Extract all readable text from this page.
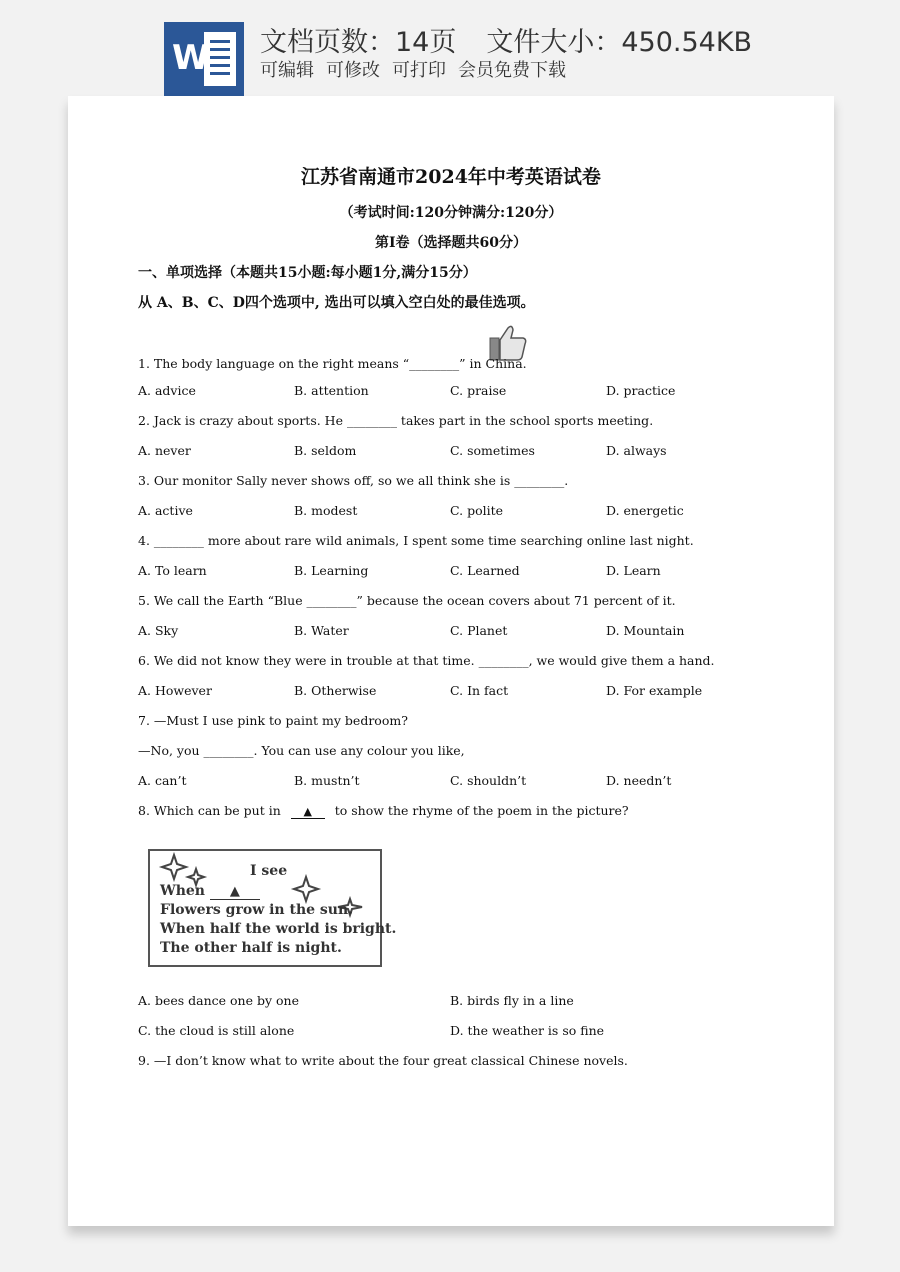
W 文档页数：14页 文件大小：450.54KB
可编辑 可修改 可打印 会员免费下载
江苏省南通市2024年中考英语试卷
（考试时间:120分钟满分:120分）
第Ⅰ卷（选择题共60分）
一、单项选择（本题共15小题:每小题1分,满分15分）
从 A、B、C、D四个选项中, 选出可以填入空白处的最佳选项。
1. The body language on the right means “________” in China.
A. advice	B. attention	C. praise	D. practice
2. Jack is crazy about sports. He ________ takes part in the school sports meeting.
A. never	B. seldom	C. sometimes	D. always
3. Our monitor Sally never shows off, so we all think she is ________.
A. active	B. modest	C. polite	D. energetic
4. ________ more about rare wild animals, I spent some time searching online last night.
A. To learn	B. Learning	C. Learned	D. Learn
5. We call the Earth “Blue ________” because the ocean covers about 71 percent of it.
A. Sky	B. Water	C. Planet	D. Mountain
6. We did not know they were in trouble at that time. ________, we would give them a hand.
A. However	B. Otherwise	C. In fact	D. For example
7. —Must I use pink to paint my bedroom?
—No, you ________. You can use any colour you like,
A. can’t	B. mustn’t	C. shouldn’t	D. needn’t
8. Which can be put in ▲ to show the rhyme of the poem in the picture?
I see
When ▲
Flowers grow in the sun.
When half the world is bright.
The other half is night.
A. bees dance one by one	B. birds fly in a line
C. the cloud is still alone	D. the weather is so fine
9. —I don’t know what to write about the four great classical Chinese novels.
